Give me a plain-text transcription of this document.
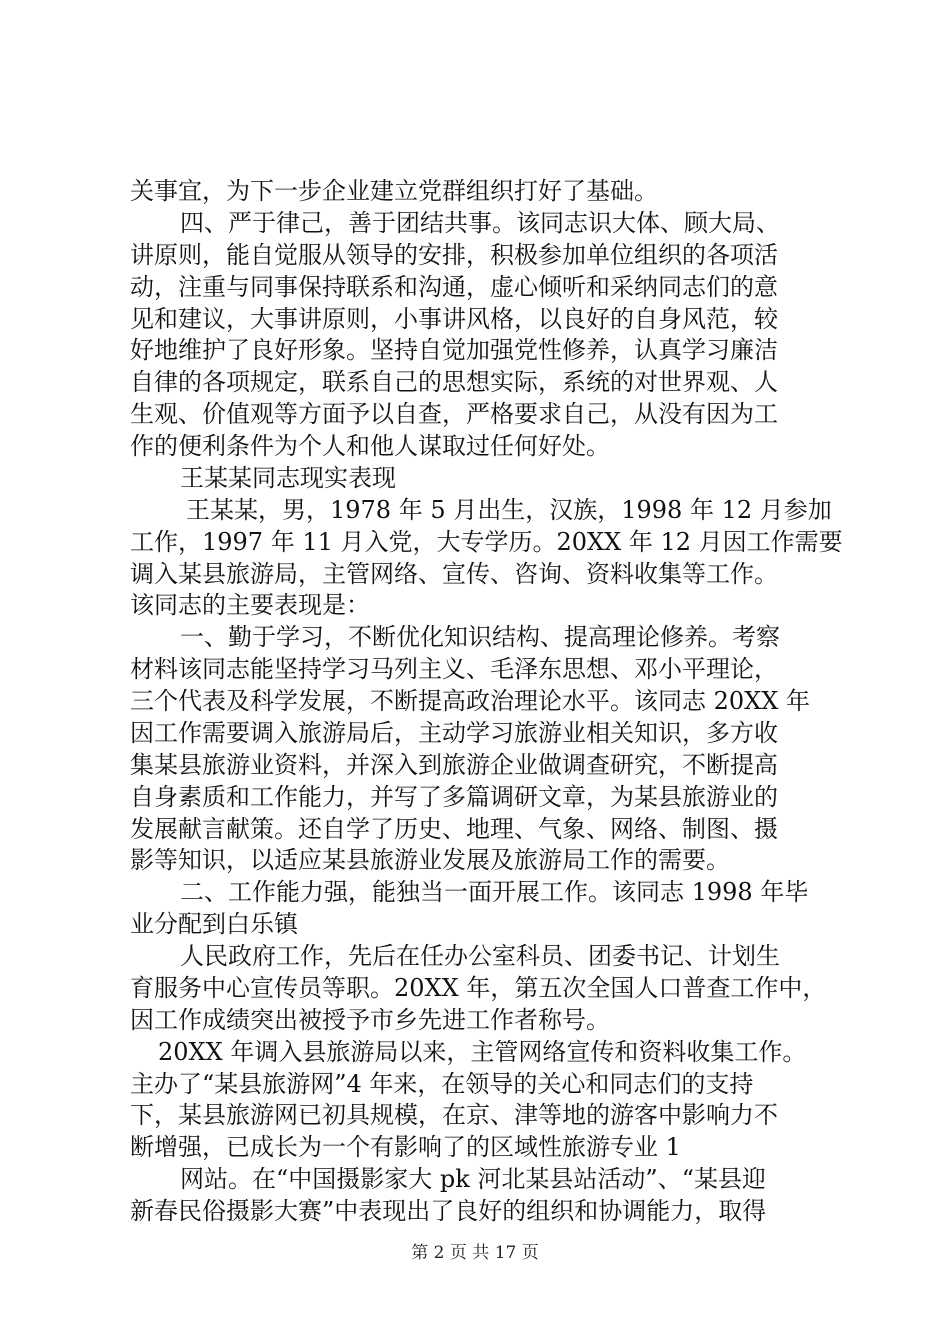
关事宜，为下一步企业建立党群组织打好了基础。
四、严于律己，善于团结共事。该同志识大体、顾大局、
讲原则，能自觉服从领导的安排，积极参加单位组织的各项活
动，注重与同事保持联系和沟通，虚心倾听和采纳同志们的意
见和建议，大事讲原则，小事讲风格，以良好的自身风范，较
好地维护了良好形象。坚持自觉加强党性修养，认真学习廉洁
自律的各项规定，联系自己的思想实际，系统的对世界观、人
生观、价值观等方面予以自查，严格要求自己，从没有因为工
作的便利条件为个人和他人谋取过任何好处。
王某某同志现实表现
王某某，男，1978 年 5 月出生，汉族，1998 年 12 月参加
工作，1997 年 11 月入党，大专学历。20XX 年 12 月因工作需要
调入某县旅游局，主管网络、宣传、咨询、资料收集等工作。
该同志的主要表现是：
一、勤于学习，不断优化知识结构、提高理论修养。考察
材料该同志能坚持学习马列主义、毛泽东思想、邓小平理论，
三个代表及科学发展，不断提高政治理论水平。该同志 20XX 年
因工作需要调入旅游局后，主动学习旅游业相关知识，多方收
集某县旅游业资料，并深入到旅游企业做调查研究，不断提高
自身素质和工作能力，并写了多篇调研文章，为某县旅游业的
发展献言献策。还自学了历史、地理、气象、网络、制图、摄
影等知识，以适应某县旅游业发展及旅游局工作的需要。
二、工作能力强，能独当一面开展工作。该同志 1998 年毕
业分配到白乐镇
人民政府工作，先后在任办公室科员、团委书记、计划生
育服务中心宣传员等职。20XX 年，第五次全国人口普查工作中，
因工作成绩突出被授予市乡先进工作者称号。
20XX 年调入县旅游局以来，主管网络宣传和资料收集工作。
主办了“某县旅游网”4 年来，在领导的关心和同志们的支持
下，某县旅游网已初具规模，在京、津等地的游客中影响力不
断增强，已成长为一个有影响了的区域性旅游专业 1
网站。在“中国摄影家大 pk 河北某县站活动”、“某县迎
新春民俗摄影大赛”中表现出了良好的组织和协调能力，取得
第 2 页 共 17 页
